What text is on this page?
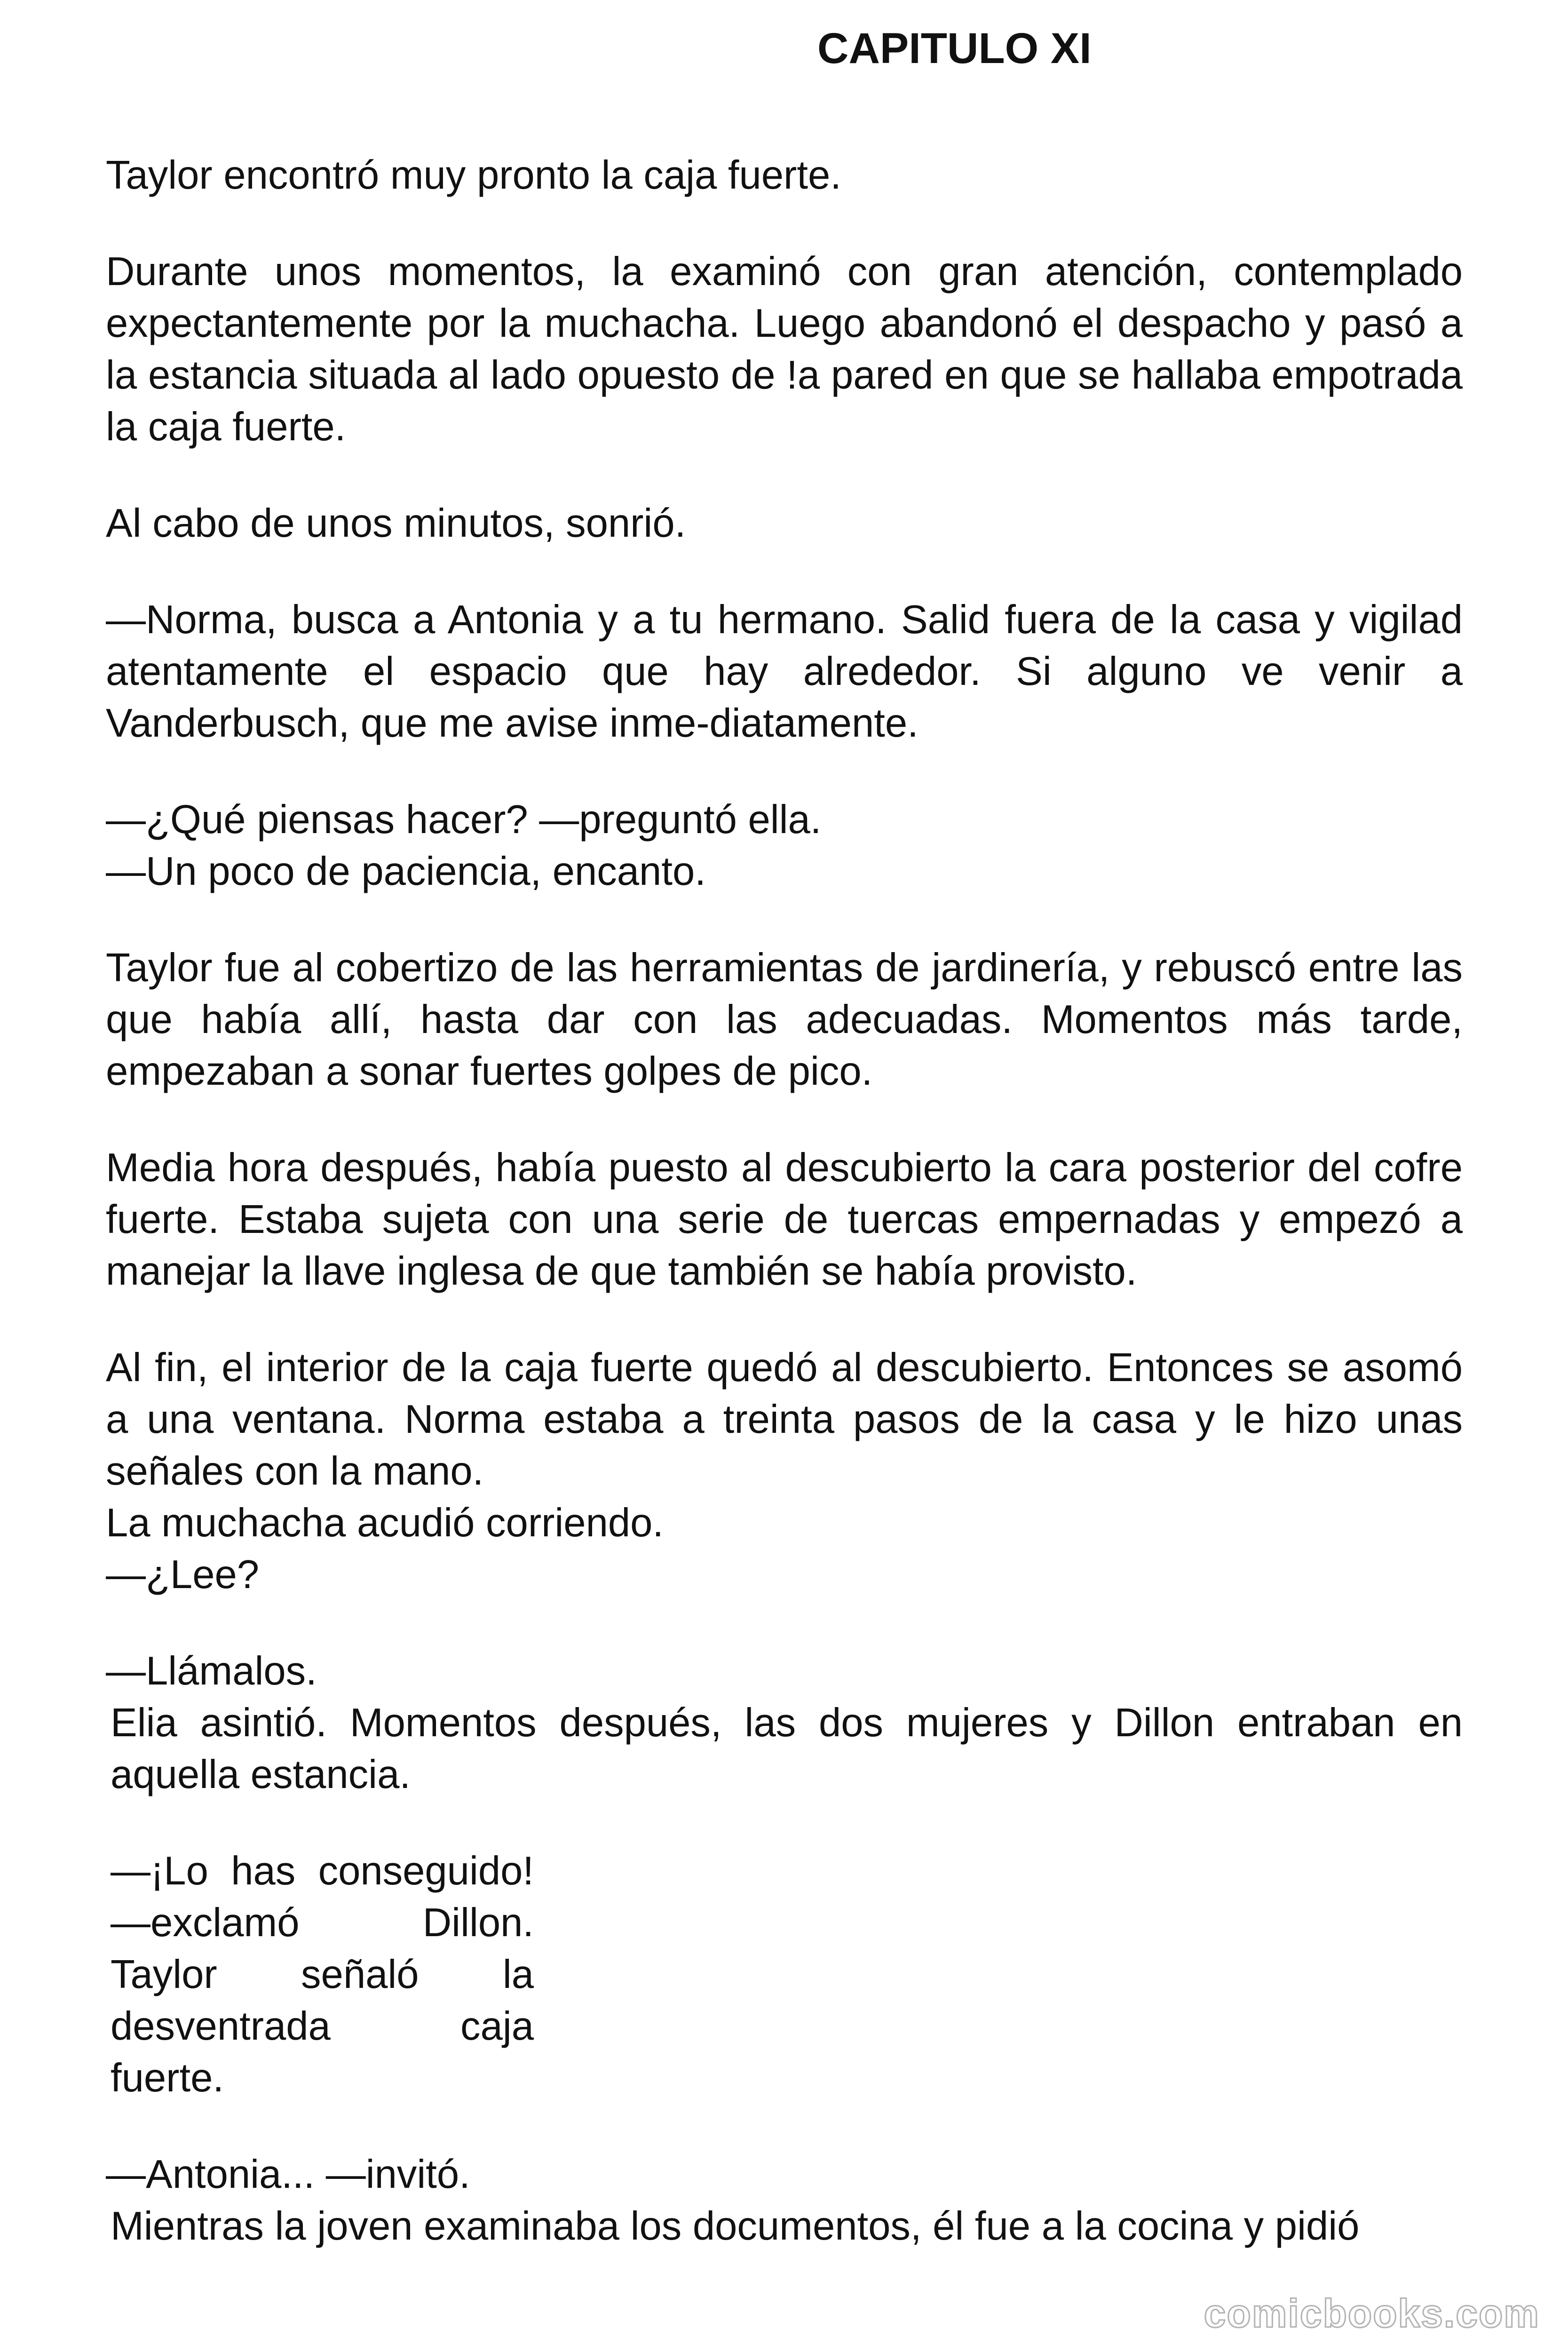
CAPITULO XI

Taylor encontró muy pronto la caja fuerte.

Durante unos momentos, la examinó con gran atención, contemplado expectantemente por la muchacha. Luego abandonó el despacho y pasó a la estancia situada al lado opuesto de !a pared en que se hallaba empotrada la caja fuerte.

Al cabo de unos minutos, sonrió.

—Norma, busca a Antonia y a tu hermano. Salid fuera de la casa y vigilad atentamente el espacio que hay alrededor. Si alguno ve venir a Vanderbusch, que me avise inme-diatamente.

—¿Qué piensas hacer? —preguntó ella.

—Un poco de paciencia, encanto.

Taylor fue al cobertizo de las herramientas de jardinería, y rebuscó entre las que había allí, hasta dar con las adecuadas. Momentos más tarde, empezaban a sonar fuertes golpes de pico.

Media hora después, había puesto al descubierto la cara posterior del cofre fuerte. Estaba sujeta con una serie de tuercas empernadas y empezó a manejar la llave inglesa de que también se había provisto.

Al fin, el interior de la caja fuerte quedó al descubierto. Entonces se asomó a una ventana. Norma estaba a treinta pasos de la casa y le hizo unas señales con la mano.

La muchacha acudió corriendo.

—¿Lee?

—Llámalos.

Elia asintió. Momentos después, las dos mujeres y Dillon entraban en aquella estancia.

—¡Lo has conseguido! —exclamó Dillon. Taylor señaló la desventrada caja fuerte.

—Antonia... —invitó.

Mientras la joven examinaba los documentos, él fue a la cocina y pidió

comicbooks.com
